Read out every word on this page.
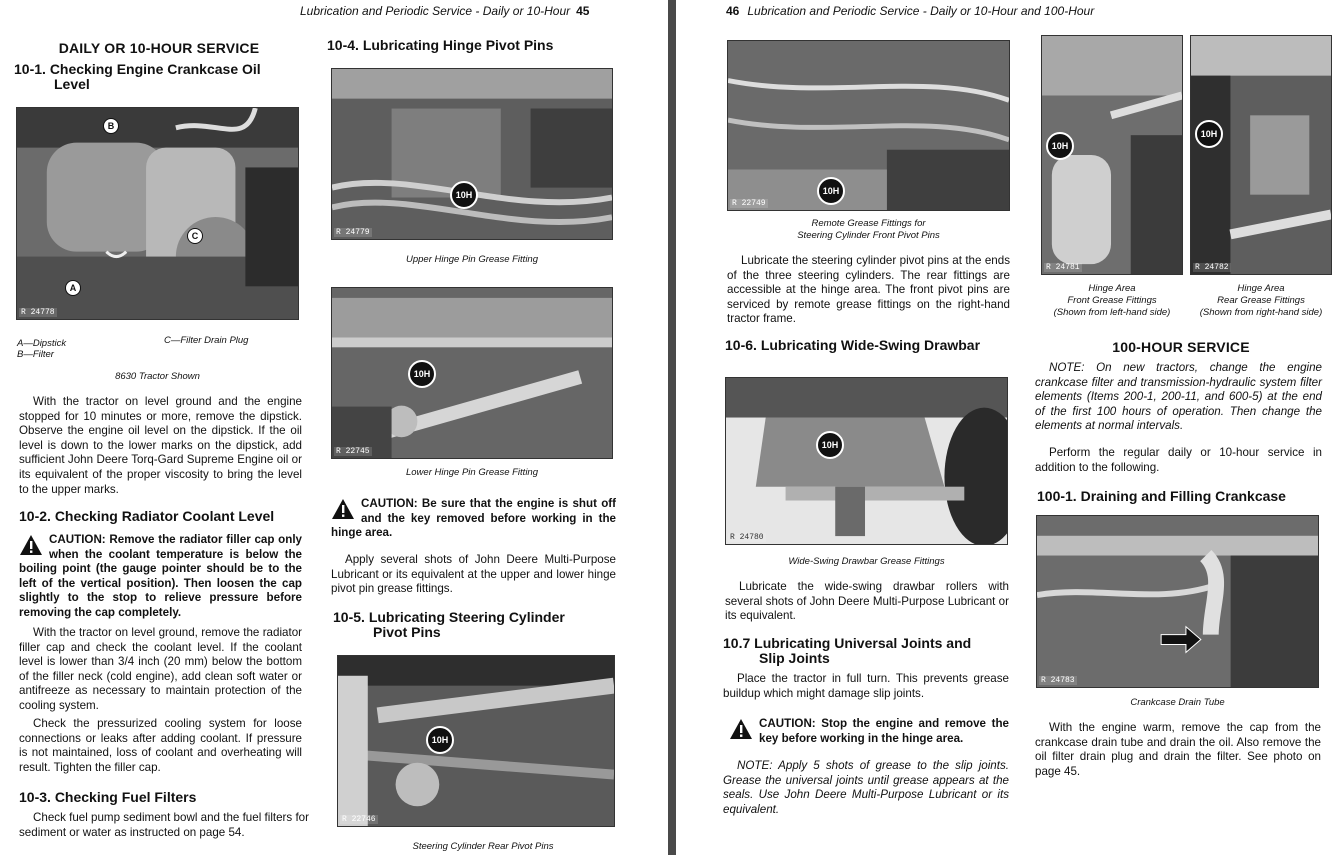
Lubrication and Periodic Service - Daily or 10-Hour 45
DAILY OR 10-HOUR SERVICE
10-1. Checking Engine Crankcase Oil
Level
B
C
A
R 24778
A—Dipstick
B—Filter
C—Filter Drain Plug
8630 Tractor Shown

With the tractor on level ground and the engine stopped for 10 minutes or more, remove the dipstick. Observe the engine oil level on the dipstick. If the oil level is down to the lower marks on the dipstick, add sufficient John Deere Torq-Gard Supreme Engine oil or its equivalent of the proper viscosity to bring the level to the upper marks.

10-2. Checking Radiator Coolant Level
CAUTION: Remove the radiator filler cap only when the coolant temperature is below the boiling point (the gauge pointer should be to the left of the vertical position). Then loosen the cap slightly to the stop to relieve pressure before removing the cap completely.

With the tractor on level ground, remove the radiator filler cap and check the coolant level. If the coolant level is lower than 3/4 inch (20 mm) below the bottom of the filler neck (cold engine), add clean soft water or antifreeze as necessary to maintain protection of the cooling system.

Check the pressurized cooling system for loose connections or leaks after adding coolant. If pressure is not maintained, loss of coolant and overheating will result. Tighten the filler cap.

10-3. Checking Fuel Filters

Check fuel pump sediment bowl and the fuel filters for sediment or water as instructed on page 54.

10-4. Lubricating Hinge Pivot Pins
10H
R 24779
Upper Hinge Pin Grease Fitting
10H
R 22745
Lower Hinge Pin Grease Fitting
CAUTION: Be sure that the engine is shut off and the key removed before working in the hinge area.

Apply several shots of John Deere Multi-Purpose Lubricant or its equivalent at the upper and lower hinge pivot pin grease fittings.

10-5. Lubricating Steering Cylinder
Pivot Pins
10H
R 22746
Steering Cylinder Rear Pivot Pins
46 Lubrication and Periodic Service - Daily or 10-Hour and 100-Hour
10H
R 22749
Remote Grease Fittings for
Steering Cylinder Front Pivot Pins

Lubricate the steering cylinder pivot pins at the ends of the three steering cylinders. The rear fittings are accessible at the hinge area. The front pivot pins are serviced by remote grease fittings on the right-hand tractor frame.

10-6. Lubricating Wide-Swing Drawbar
10H
R 24780
Wide-Swing Drawbar Grease Fittings

Lubricate the wide-swing drawbar rollers with several shots of John Deere Multi-Purpose Lubricant or its equivalent.

10.7 Lubricating Universal Joints and
Slip Joints

Place the tractor in full turn. This prevents grease buildup which might damage slip joints.

CAUTION: Stop the engine and remove the key before working in the hinge area.

NOTE: Apply 5 shots of grease to the slip joints. Grease the universal joints until grease appears at the seals. Use John Deere Multi-Purpose Lubricant or its equivalent.

10H
R 24781
Hinge Area
Front Grease Fittings
(Shown from left-hand side)
10H
R 24782
Hinge Area
Rear Grease Fittings
(Shown from right-hand side)
100-HOUR SERVICE

NOTE: On new tractors, change the engine crankcase filter and transmission-hydraulic system filter elements (Items 200-1, 200-11, and 600-5) at the end of the first 100 hours of operation. Then change the elements at normal intervals.

Perform the regular daily or 10-hour service in addition to the following.

100-1. Draining and Filling Crankcase
R 24783
Crankcase Drain Tube

With the engine warm, remove the cap from the crankcase drain tube and drain the oil. Also remove the oil filter drain plug and drain the filter. See photo on page 45.
